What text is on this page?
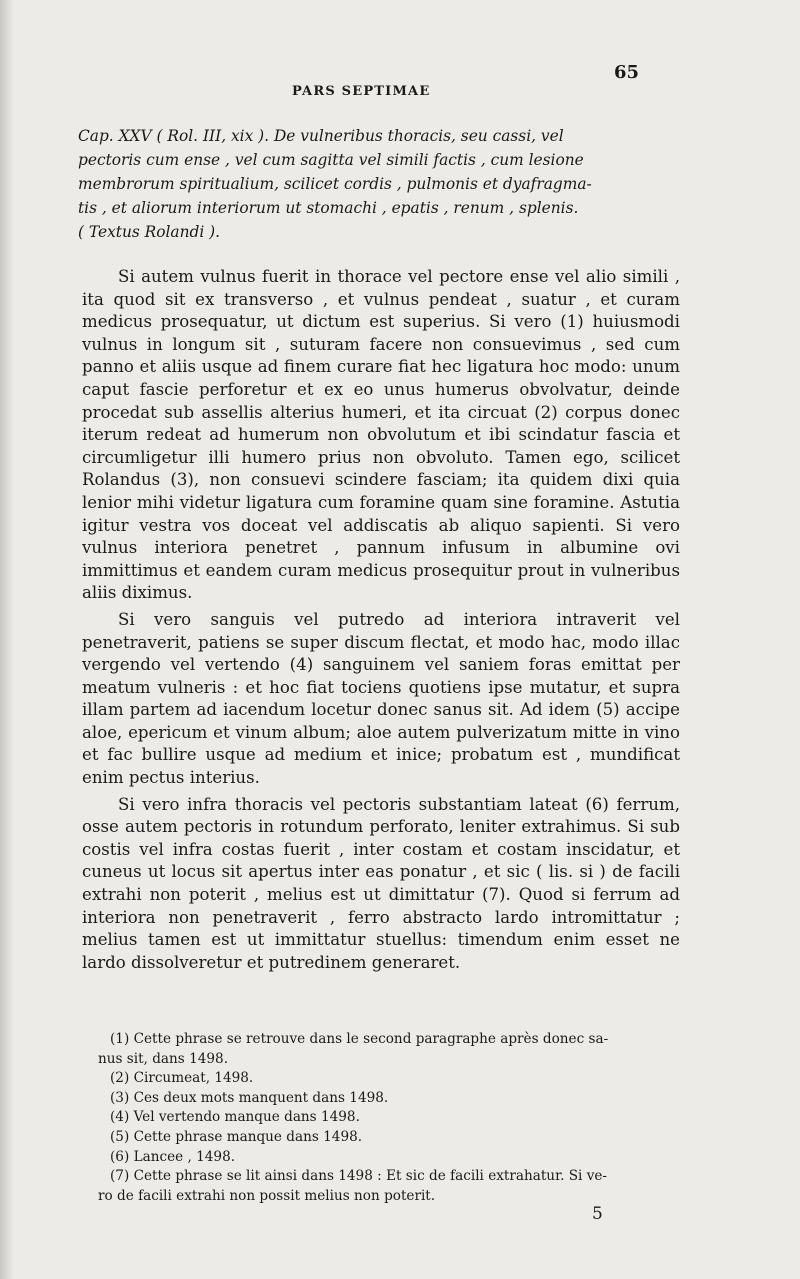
PARS SEPTIMAE
65

Cap. XXV ( Rol. III, xix ). De vulneribus thoracis, seu cassi, vel

pectoris cum ense , vel cum sagitta vel simili factis , cum lesione

membrorum spiritualium, scilicet cordis , pulmonis et dyafragma-

tis , et aliorum interiorum ut stomachi , epatis , renum , splenis.

( Textus Rolandi ).

Si autem vulnus fuerit in thorace vel pectore ense vel alio simili , ita quod sit ex transverso , et vulnus pendeat , suatur , et curam medicus prosequatur, ut dictum est superius. Si vero (1) huiusmodi vulnus in longum sit , suturam facere non consuevimus , sed cum panno et aliis usque ad finem curare fiat hec ligatura hoc modo: unum caput fascie perforetur et ex eo unus humerus obvolvatur, deinde procedat sub assellis alterius humeri, et ita circuat (2) corpus donec iterum redeat ad humerum non obvolutum et ibi scindatur fascia et circumligetur illi humero prius non obvoluto. Tamen ego, scilicet Rolandus (3), non consuevi scindere fasciam; ita quidem dixi quia lenior mihi videtur ligatura cum foramine quam sine foramine. Astutia igitur vestra vos doceat vel addiscatis ab aliquo sapienti. Si vero vulnus interiora penetret , pannum infusum in albumine ovi immittimus et eandem curam medicus prosequitur prout in vulneribus aliis diximus.

Si vero sanguis vel putredo ad interiora intraverit vel penetraverit, patiens se super discum flectat, et modo hac, modo illac vergendo vel vertendo (4) sanguinem vel saniem foras emittat per meatum vulneris : et hoc fiat tociens quotiens ipse mutatur, et supra illam partem ad iacendum locetur donec sanus sit. Ad idem (5) accipe aloe, epericum et vinum album; aloe autem pulverizatum mitte in vino et fac bullire usque ad medium et inice; probatum est , mundificat enim pectus interius.

Si vero infra thoracis vel pectoris substantiam lateat (6) ferrum, osse autem pectoris in rotundum perforato, leniter extrahimus. Si sub costis vel infra costas fuerit , inter costam et costam inscidatur, et cuneus ut locus sit apertus inter eas ponatur , et sic ( lis. si ) de facili extrahi non poterit , melius est ut dimittatur (7). Quod si ferrum ad interiora non penetraverit , ferro abstracto lardo intromittatur ; melius tamen est ut immittatur stuellus: timendum enim esset ne lardo dissolveretur et putredinem generaret.

(1) Cette phrase se retrouve dans le second paragraphe après donec sa-

nus sit, dans 1498.

(2) Circumeat, 1498.

(3) Ces deux mots manquent dans 1498.

(4) Vel vertendo manque dans 1498.

(5) Cette phrase manque dans 1498.

(6) Lancee , 1498.

(7) Cette phrase se lit ainsi dans 1498 : Et sic de facili extrahatur. Si ve-

ro de facili extrahi non possit melius non poterit.

5
